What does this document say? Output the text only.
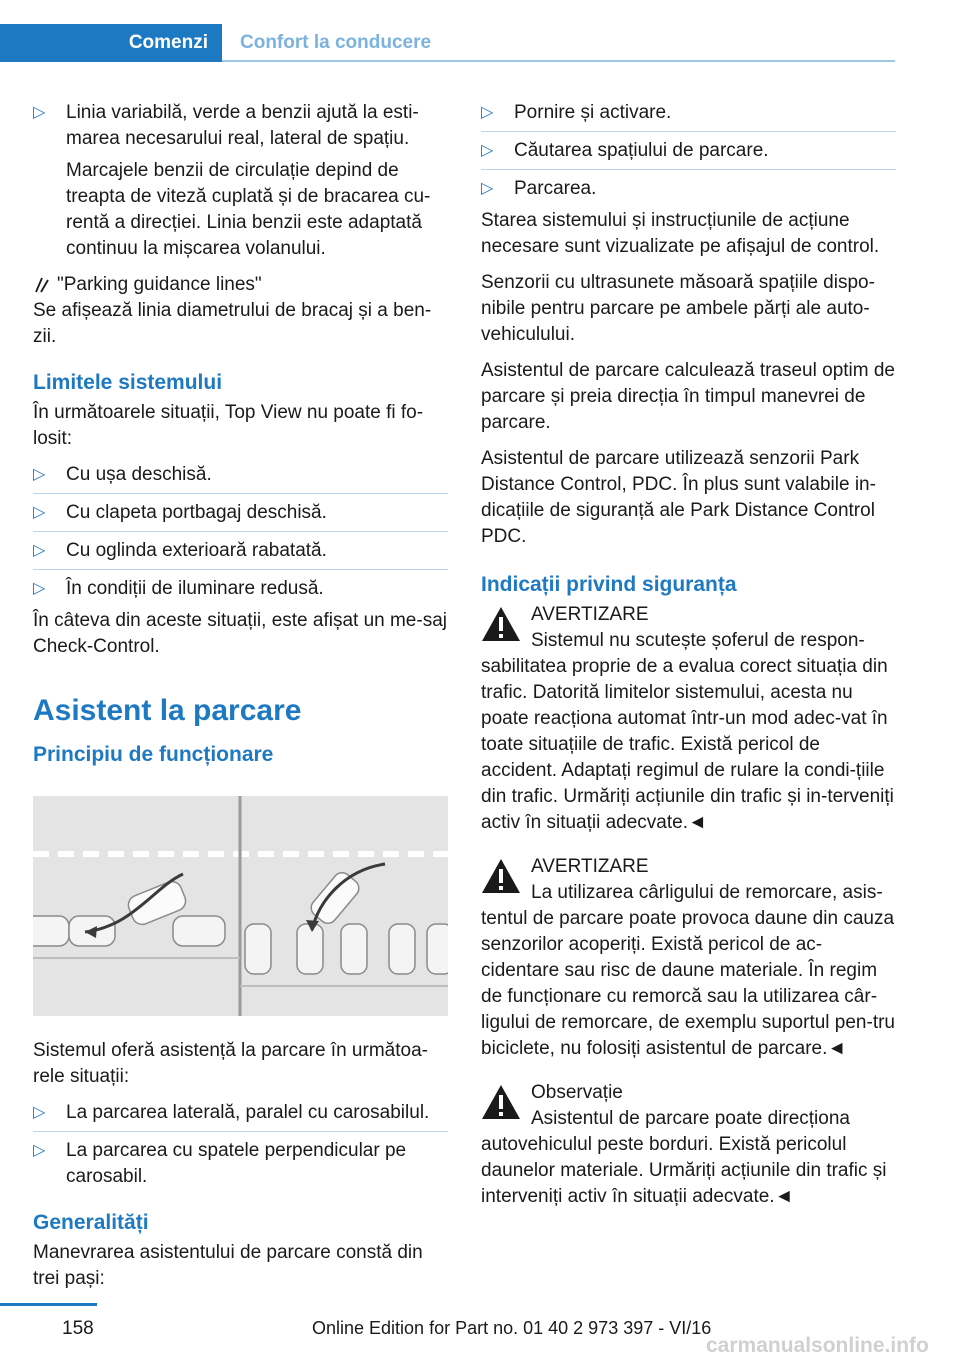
Comenzi	Confort la conducere
▷ Linia variabilă, verde a benzii ajută la esti-marea necesarului real, lateral de spațiu.

Marcajele benzii de circulație depind de treapta de viteză cuplată și de bracarea cu-rentă a direcției. Linia benzii este adaptată continuu la mișcarea volanului.

"Parking guidance lines"

Se afișează linia diametrului de bracaj și a ben-zii.

Limitele sistemului

În următoarele situații, Top View nu poate fi fo-losit:

▷ Cu ușa deschisă.
▷ Cu clapeta portbagaj deschisă.
▷ Cu oglinda exterioară rabatată.
▷ În condiții de iluminare redusă.

În câteva din aceste situații, este afișat un me-saj Check-Control.

Asistent la parcare
Principiu de funcționare

Sistemul oferă asistență la parcare în următoa-rele situații:

▷ La parcarea laterală, paralel cu carosabilul.
▷ La parcarea cu spatele perpendicular pe carosabil.
Generalități

Manevrarea asistentului de parcare constă din trei pași:

▷ Pornire și activare.
▷ Căutarea spațiului de parcare.
▷ Parcarea.

Starea sistemului și instrucțiunile de acțiune necesare sunt vizualizate pe afișajul de control.

Senzorii cu ultrasunete măsoară spațiile dispo-nibile pentru parcare pe ambele părți ale auto-vehiculului.

Asistentul de parcare calculează traseul optim de parcare și preia direcția în timpul manevrei de parcare.

Asistentul de parcare utilizează senzorii Park Distance Control, PDC. În plus sunt valabile in-dicațiile de siguranță ale Park Distance Control PDC.

Indicații privind siguranța
AVERTIZARE
Sistemul nu scutește șoferul de respon-
sabilitatea proprie de a evalua corect situația din trafic. Datorită limitelor sistemului, acesta nu poate reacționa automat într-un mod adec-vat în toate situațiile de trafic. Există pericol de accident. Adaptați regimul de rulare la condi-țiile din trafic. Urmăriți acțiunile din trafic și in-terveniți activ în situații adecvate.◄
AVERTIZARE
La utilizarea cârligului de remorcare, asis-
tentul de parcare poate provoca daune din cauza senzorilor acoperiți. Există pericol de ac-cidentare sau risc de daune materiale. În regim de funcționare cu remorcă sau la utilizarea câr-ligului de remorcare, de exemplu suportul pen-tru biciclete, nu folosiți asistentul de parcare.◄
Observație
Asistentul de parcare poate direcționa
autovehiculul peste borduri. Există pericolul daunelor materiale. Urmăriți acțiunile din trafic și interveniți activ în situații adecvate.◄
158	Online Edition for Part no. 01 40 2 973 397 - VI/16
carmanualsonline.info
